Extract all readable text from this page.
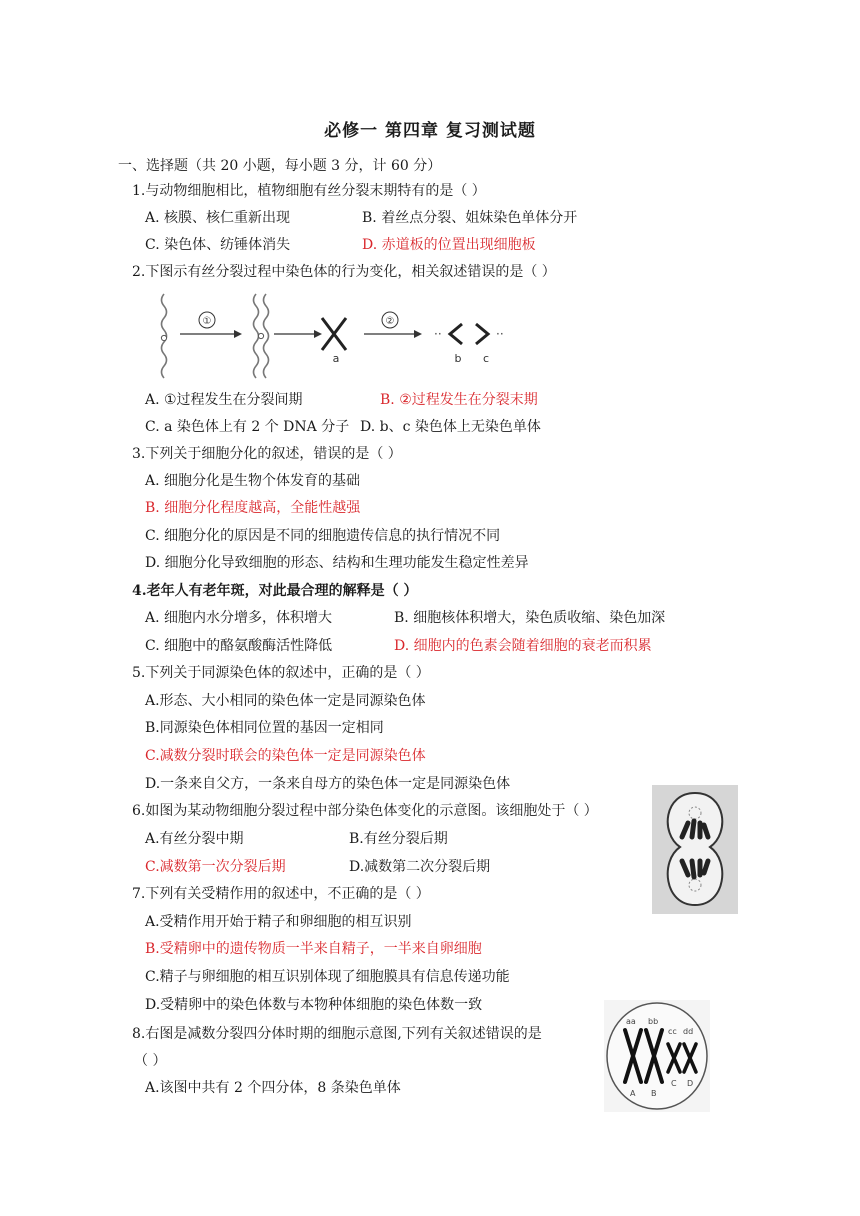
必修一 第四章 复习测试题
一、选择题（共 20 小题，每小题 3 分，计 60 分）
1.与动物细胞相比，植物细胞有丝分裂末期特有的是（ ）
A. 核膜、核仁重新出现	B. 着丝点分裂、姐妹染色单体分开
C. 染色体、纺锤体消失	D. 赤道板的位置出现细胞板
2.下图示有丝分裂过程中染色体的行为变化，相关叙述错误的是（ ）
①
a
②
··	··
b c
A. ①过程发生在分裂间期	B. ②过程发生在分裂末期
C. a 染色体上有 2 个 DNA 分子 D. b、c 染色体上无染色单体
3.下列关于细胞分化的叙述，错误的是（ ）
A. 细胞分化是生物个体发育的基础
B. 细胞分化程度越高，全能性越强
C. 细胞分化的原因是不同的细胞遗传信息的执行情况不同
D. 细胞分化导致细胞的形态、结构和生理功能发生稳定性差异
4.老年人有老年斑，对此最合理的解释是（ ）
A. 细胞内水分增多，体积增大	B. 细胞核体积增大，染色质收缩、染色加深
C. 细胞中的酪氨酸酶活性降低	D. 细胞内的色素会随着细胞的衰老而积累
5.下列关于同源染色体的叙述中，正确的是（ ）
A.形态、大小相同的染色体一定是同源染色体
B.同源染色体相同位置的基因一定相同
C.减数分裂时联会的染色体一定是同源染色体
D.一条来自父方，一条来自母方的染色体一定是同源染色体
6.如图为某动物细胞分裂过程中部分染色体变化的示意图。该细胞处于（ ）
A.有丝分裂中期	B.有丝分裂后期
C.减数第一次分裂后期	D.减数第二次分裂后期
7.下列有关受精作用的叙述中，不正确的是（ ）
A.受精作用开始于精子和卵细胞的相互识别
B.受精卵中的遗传物质一半来自精子，一半来自卵细胞
C.精子与卵细胞的相互识别体现了细胞膜具有信息传递功能
D.受精卵中的染色体数与本物种体细胞的染色体数一致
8.右图是减数分裂四分体时期的细胞示意图,下列有关叙述错误的是
（ ）
A.该图中共有 2 个四分体，8 条染色单体
aa bb
cc dd
A B
C D
